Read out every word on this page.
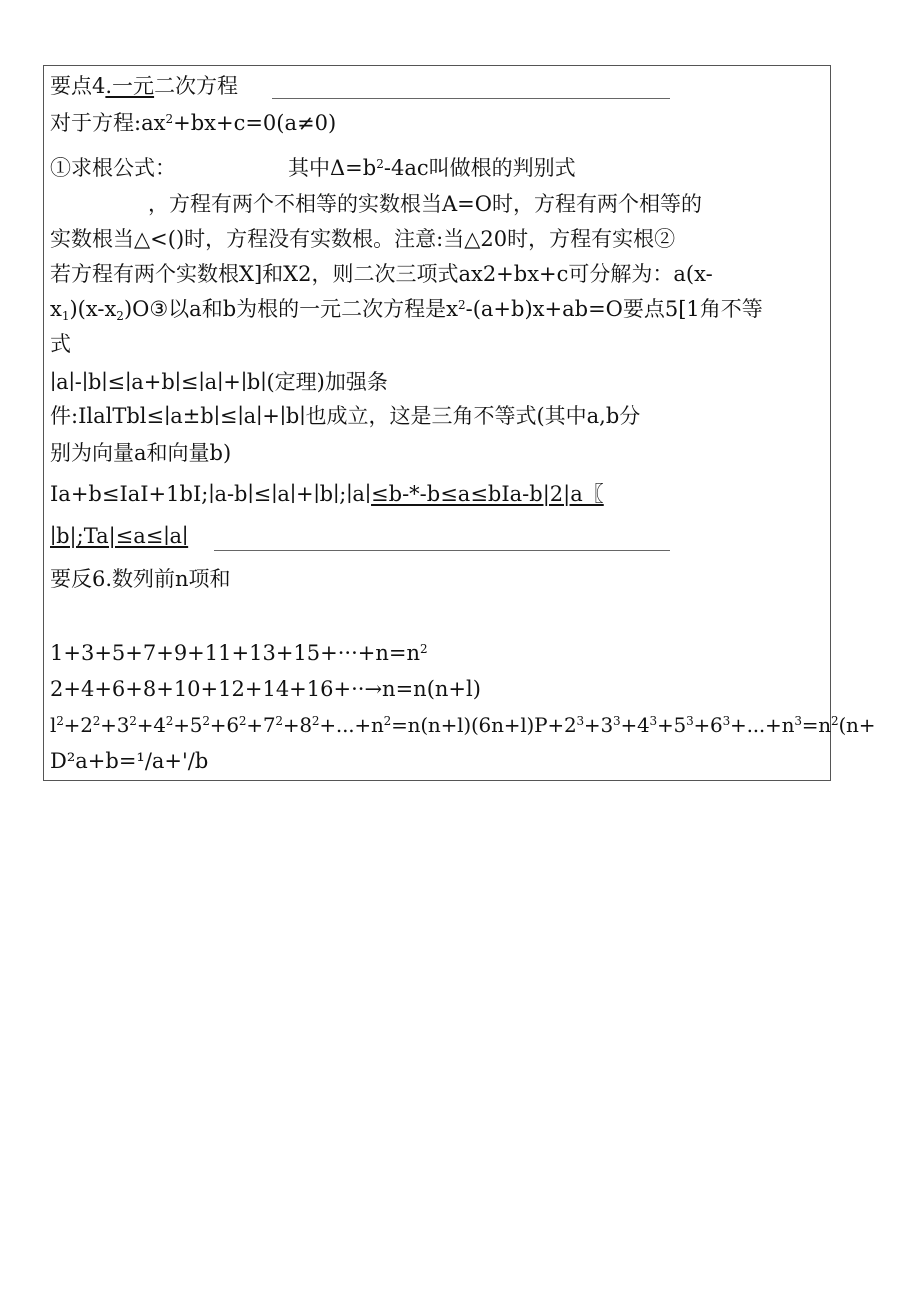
要点4.一元二次方程
对于方程$:ax^2+bx+c=0(a\ne 0)$
①求根公式：	其中$\Delta=b^2-4ac$叫做根的判别式
，方程有两个不相等的实数根当A=O时，方程有两个相等的
实数根当△<()时，方程没有实数根。注意:当△20时，方程有实根②
若方程有两个实数根X]和X2，则二次三项式ax2+bx+c可分解为：a(x-
$x_1)(x-x_2)O③$以a和b为根的一元二次方程是$x^2-(a+b)x+ab=O$要点5[1角不等
式
∣a∣-∣b∣≤∣a+b∣≤∣a∣+∣b∣(定理)加强条
件:IlalTbl≤∣a±b∣≤∣a∣+∣b∣也成立，这是三角不等式(其中a,b分
别为向量a和向量b)
Ia+b≤IaI+1bI;∣a-b∣≤∣a∣+∣b∣;∣a∣≤b-*-b≤a≤bIa-b|2|a〖
∣b|;Ta|≤a≤∣a∣
要反6.数列前n项和
$1+3+5+7+9+11+13+15+\cdot\cdot\cdot+n=n^2$
2+4+6+8+10+12+14+16+··→n=n(n+l)
$l^2+2^2+3^2+4^2+5^2+6^2+7^2+8^2+...+n^2=n(n+l)(6n+l)P+2^3+3^3+4^3+5^3+6^3+...+n^3=n^2(n+$
D²a+b=¹/a+'/b
